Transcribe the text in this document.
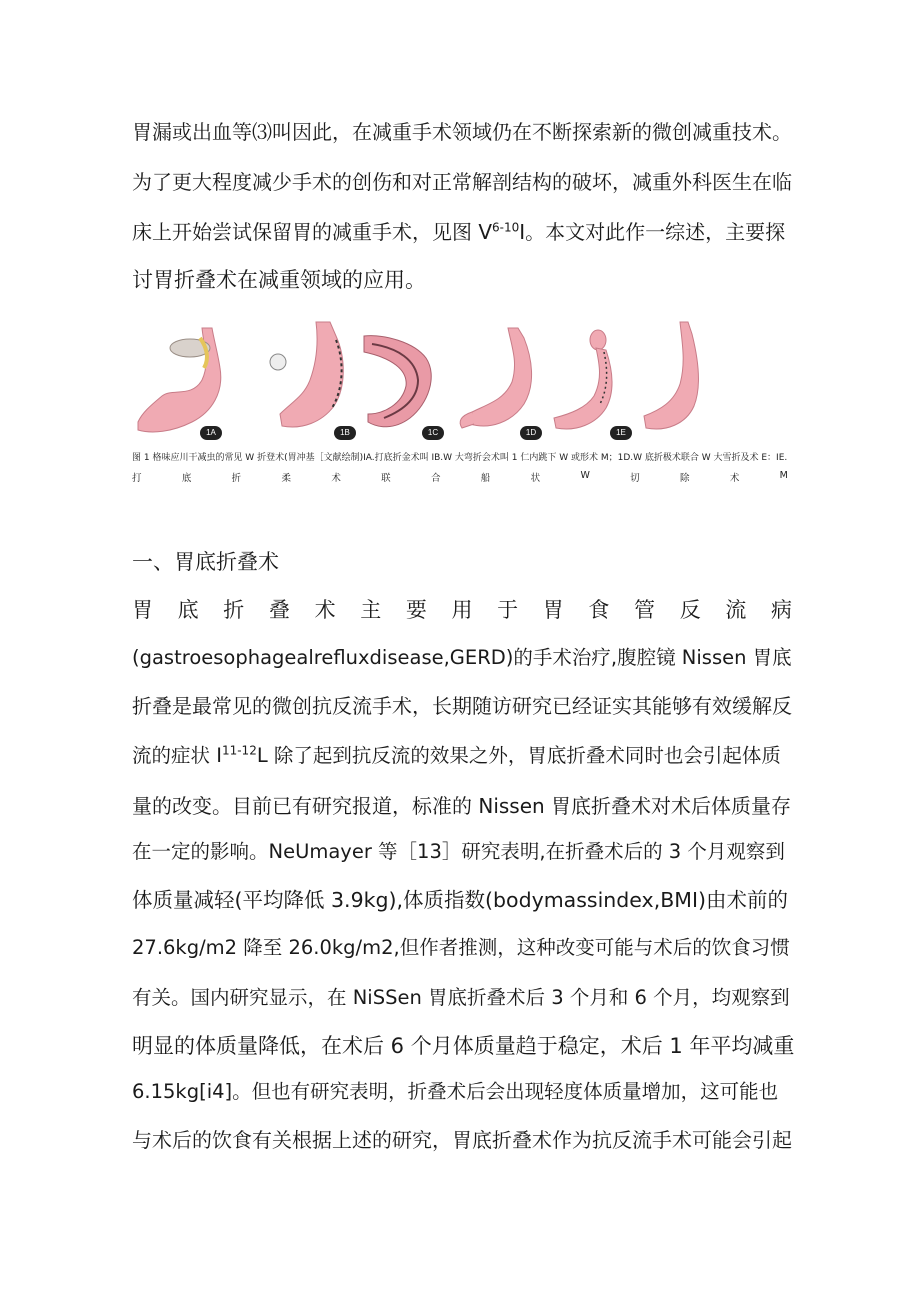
胃漏或出血等⑶叫因此，在减重手术领域仍在不断探索新的微创减重技术。
为了更大程度减少手术的创伤和对正常解剖结构的破坏，减重外科医生在临
床上开始尝试保留胃的减重手术，见图 $V^{6-10}I$。本文对此作一综述，主要探
讨胃折叠术在减重领域的应用。
1A	1B	1C	1D	1E
图 1 格味应川干减虫的常见 W 折登术(胃冲基［文献绘制)IA.打底折金术叫 IB.W 大弯折会术叫 1 仁内跳下 W 或形术 M；1D.W 底折极术联合 W 大雪折及术 E：IE.
打	底	折	柔	术	联	合	船	状	W	切	除	术	M
一、胃底折叠术
胃 底 折 叠 术 主 要 用 于 胃 食 管 反 流 病
(gastroesophagealrefluxdisease,GERD)的手术治疗,腹腔镜 Nissen 胃底
折叠是最常见的微创抗反流手术，长期随访研究已经证实其能够有效缓解反
流的症状 $I^{11-12}L$ 除了起到抗反流的效果之外，胃底折叠术同时也会引起体质
量的改变。目前已有研究报道，标准的 Nissen 胃底折叠术对术后体质量存
在一定的影响。NeUmayer 等［13］研究表明,在折叠术后的 3 个月观察到
体质量减轻(平均降低 3.9kg),体质指数(bodymassindex,BMI)由术前的
27.6kg/m2 降至 26.0kg/m2,但作者推测，这种改变可能与术后的饮食习惯
有关。国内研究显示，在 NiSSen 胃底折叠术后 3 个月和 6 个月，均观察到
明显的体质量降低，在术后 6 个月体质量趋于稳定，术后 1 年平均减重
6.15kg[i4]。但也有研究表明，折叠术后会出现轻度体质量增加，这可能也
与术后的饮食有关根据上述的研究，胃底折叠术作为抗反流手术可能会引起
